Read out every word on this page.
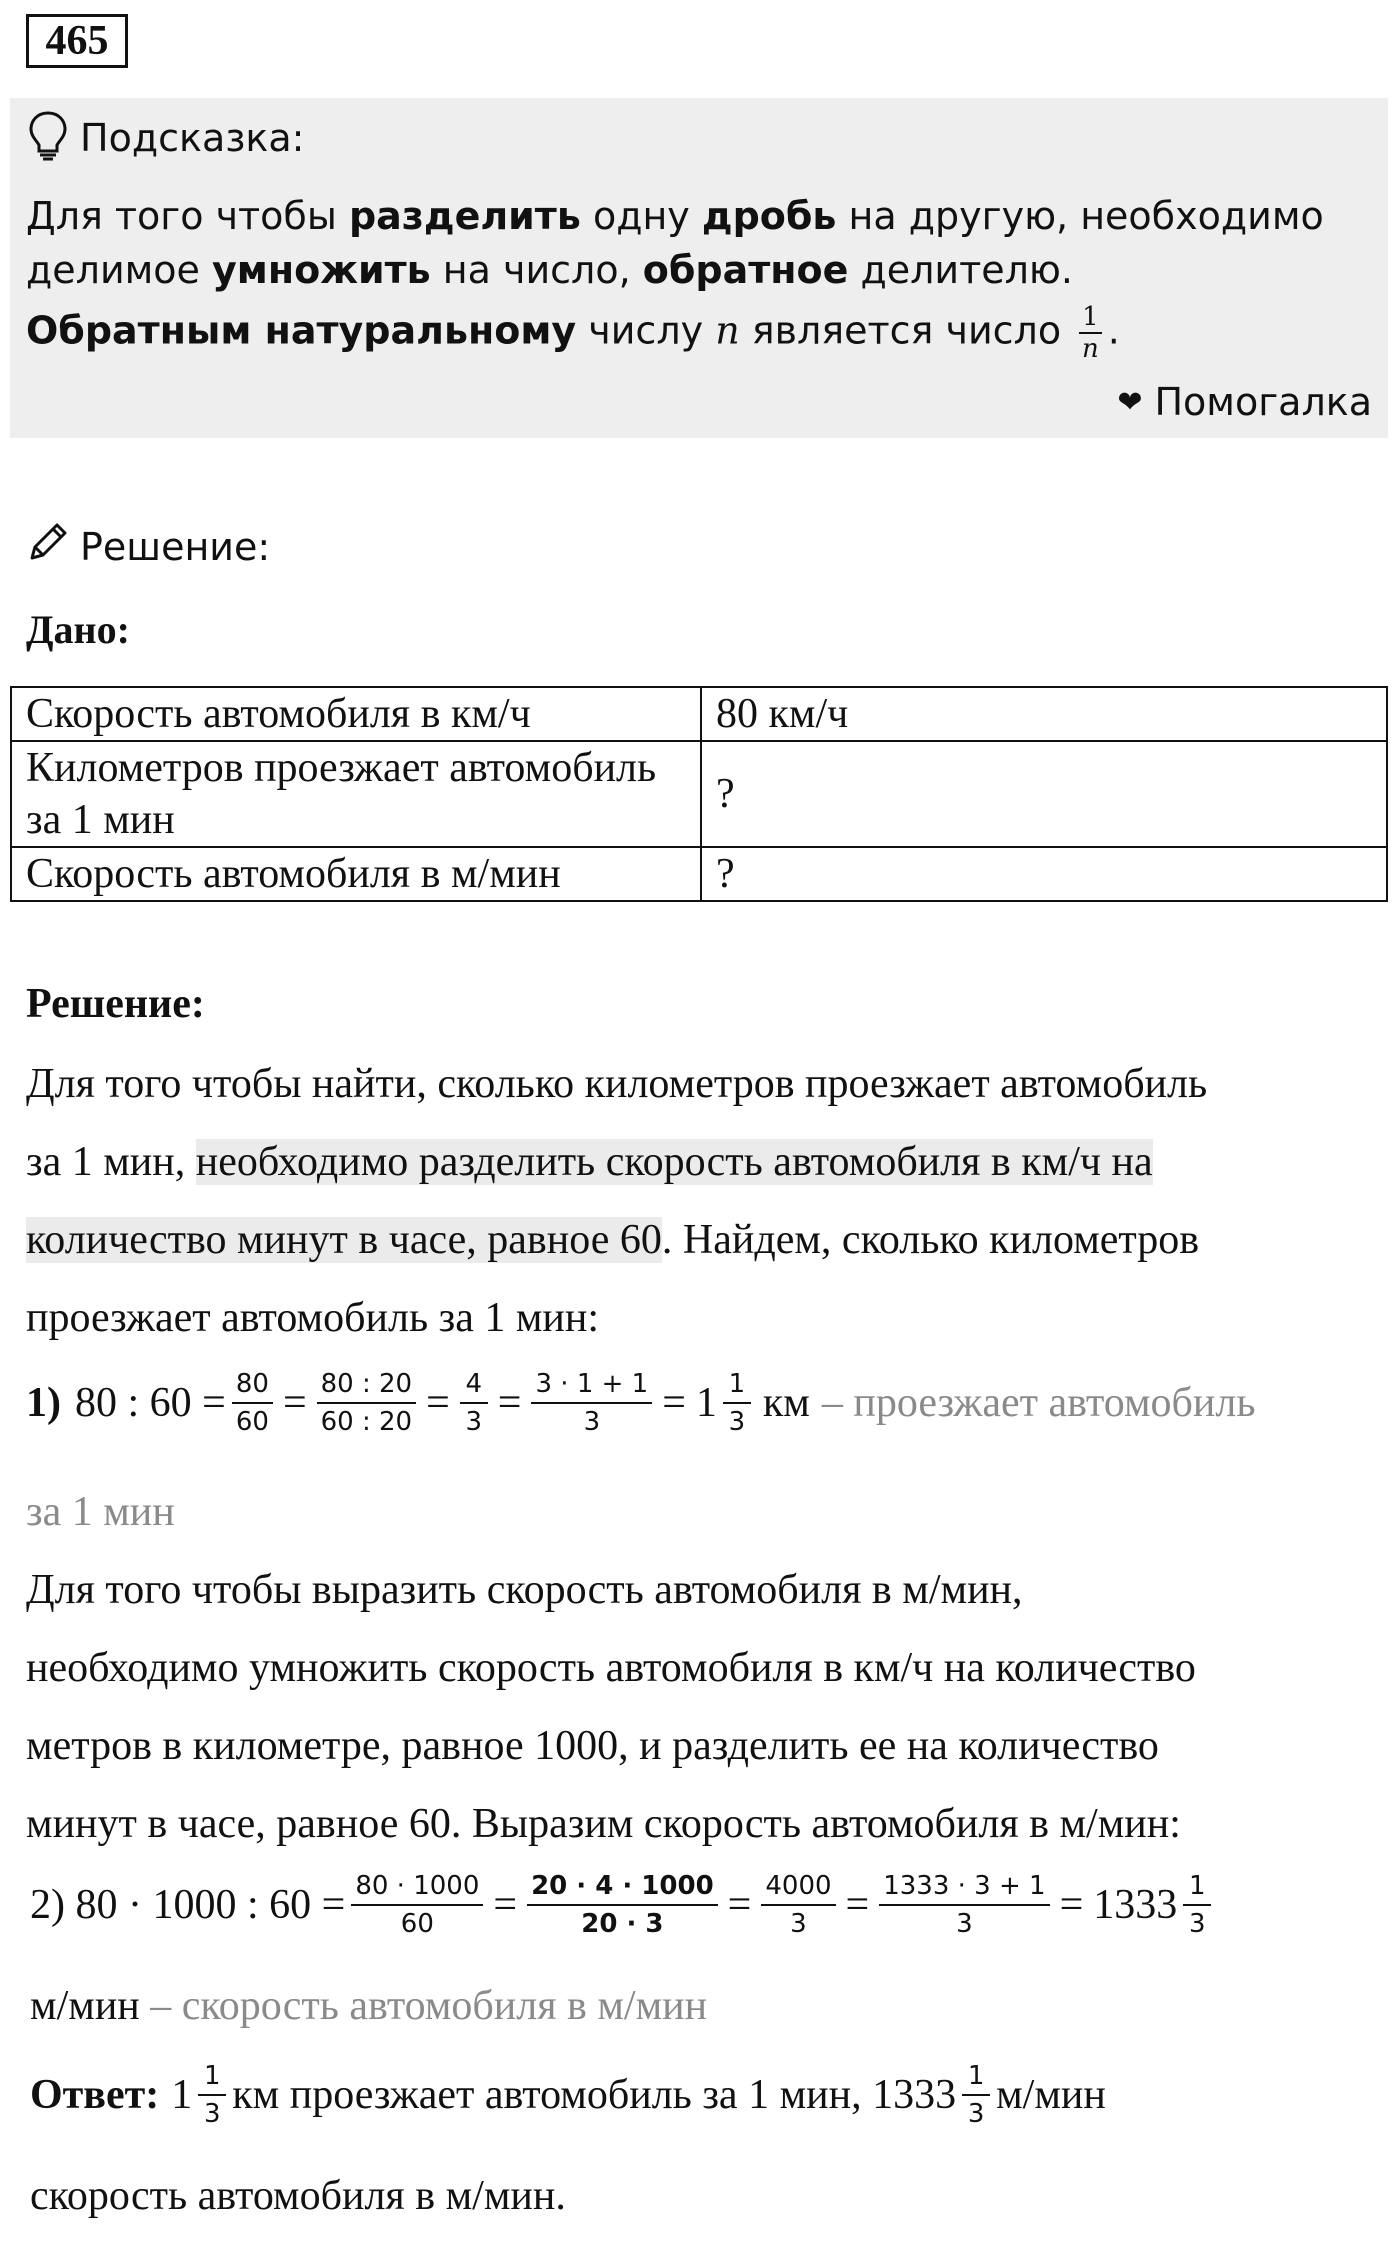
465
Подсказка:
Для того чтобы разделить одну дробь на другую, необходимо
делимое умножить на число, обратное делителю.
Обратным натуральному числу n является число $\frac{1}{n}$ .
❤ Помогалка
Решение:
Дано:
Скорость автомобиля в км/ч	80 км/ч
Километров проезжает автомобиль за 1 мин	?
Скорость автомобиля в м/мин	?
Решение:
Для того чтобы найти, сколько километров проезжает автомобиль
за 1 мин, необходимо разделить скорость автомобиля в км/ч на
количество минут в часе, равное 60. Найдем, сколько километров
проезжает автомобиль за 1 мин:
1) 80 : $60 = \frac{80}{60} = \frac{80 : 20}{60 : 20} = \frac{4}{3} = \frac{3 \cdot 1 + 1}{3} = 1 \frac{1}{3}$ км – проезжает автомобиль
за 1 мин
Для того чтобы выразить скорость автомобиля в м/мин,
необходимо умножить скорость автомобиля в км/ч на количество
метров в километре, равное 1000, и разделить ее на количество
минут в часе, равное 60. Выразим скорость автомобиля в м/мин:
2) 80 · 1000 : $60 = \frac{80 \cdot 1000}{60} = \frac{20 \cdot 4 \cdot 1000}{20 \cdot 3} = \frac{4000}{3} = \frac{1333 \cdot 3 + 1}{3} = 1333 \frac{1}{3}$
м/мин – скорость автомобиля в м/мин
Ответ: $1 \frac{1}{3}$ км проезжает автомобиль за 1 мин, $1333 \frac{1}{3} м/мин$
скорость автомобиля в м/мин.
